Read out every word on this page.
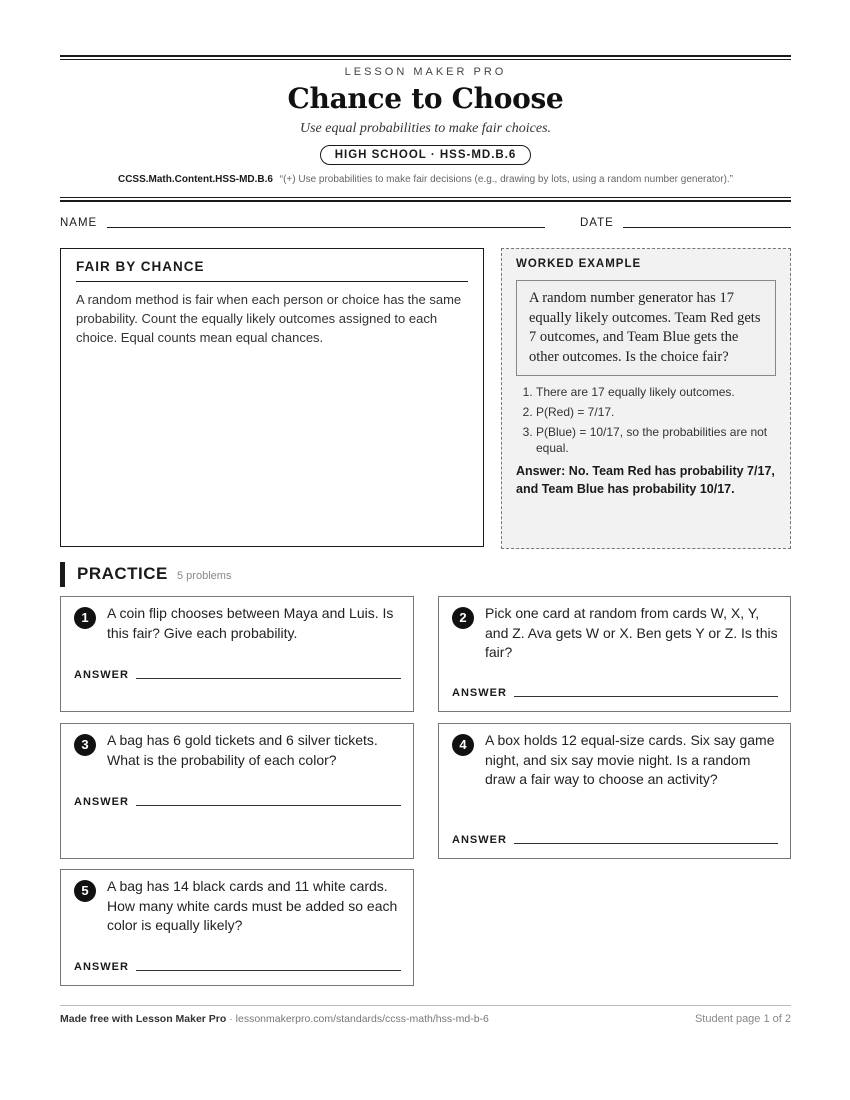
LESSON MAKER PRO
Chance to Choose
Use equal probabilities to make fair choices.
HIGH SCHOOL · HSS-MD.B.6
CCSS.Math.Content.HSS-MD.B.6 “(+) Use probabilities to make fair decisions (e.g., drawing by lots, using a random number generator).”
NAME	DATE
FAIR BY CHANCE
A random method is fair when each person or choice has the same probability. Count the equally likely outcomes assigned to each choice. Equal counts mean equal chances.
WORKED EXAMPLE
A random number generator has 17 equally likely outcomes. Team Red gets 7 outcomes, and Team Blue gets the other outcomes. Is the choice fair?
1. There are 17 equally likely outcomes.
2. P(Red) = 7/17.
3. P(Blue) = 10/17, so the probabilities are not equal.
Answer: No. Team Red has probability 7/17, and Team Blue has probability 10/17.
PRACTICE 5 problems
1	A coin flip chooses between Maya and Luis. Is this fair? Give each probability.
ANSWER
2	Pick one card at random from cards W, X, Y, and Z. Ava gets W or X. Ben gets Y or Z. Is this fair?
ANSWER
3	A bag has 6 gold tickets and 6 silver tickets. What is the probability of each color?
ANSWER
4	A box holds 12 equal-size cards. Six say game night, and six say movie night. Is a random draw a fair way to choose an activity?
ANSWER
5	A bag has 14 black cards and 11 white cards. How many white cards must be added so each color is equally likely?
ANSWER
Made free with Lesson Maker Pro · lessonmakerpro.com/standards/ccss-math/hss-md-b-6	Student page 1 of 2
